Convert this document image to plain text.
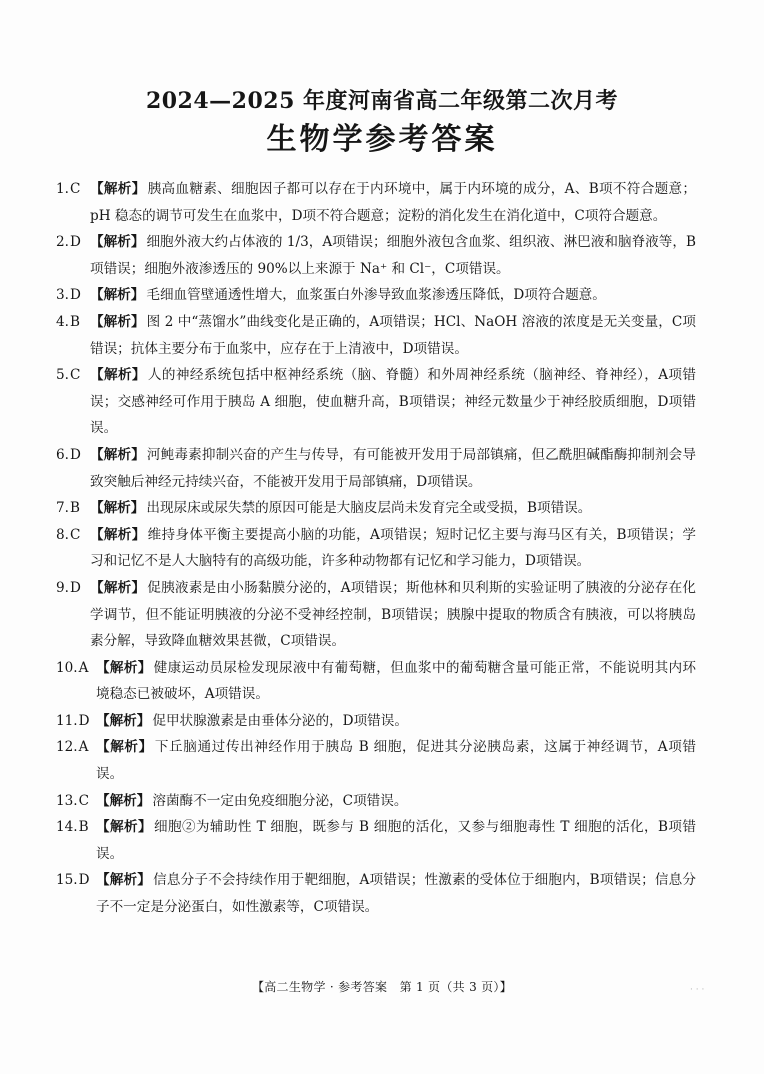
2024—2025 年度河南省高二年级第二次月考
生物学参考答案
1.C 【解析】 胰高血糖素、细胞因子都可以存在于内环境中，属于内环境的成分，A、B项不符合题意；pH 稳态的调节可发生在血浆中，D项不符合题意；淀粉的消化发生在消化道中，C项符合题意。
2.D 【解析】 细胞外液大约占体液的 1/3，A项错误；细胞外液包含血浆、组织液、淋巴液和脑脊液等，B项错误；细胞外液渗透压的 90%以上来源于 Na⁺ 和 Cl⁻，C项错误。
3.D 【解析】 毛细血管壁通透性增大，血浆蛋白外渗导致血浆渗透压降低，D项符合题意。
4.B 【解析】 图 2 中“蒸馏水”曲线变化是正确的，A项错误；HCl、NaOH 溶液的浓度是无关变量，C项错误；抗体主要分布于血浆中，应存在于上清液中，D项错误。
5.C 【解析】 人的神经系统包括中枢神经系统（脑、脊髓）和外周神经系统（脑神经、脊神经），A项错误；交感神经可作用于胰岛 A 细胞，使血糖升高，B项错误；神经元数量少于神经胶质细胞，D项错误。
6.D 【解析】 河鲀毒素抑制兴奋的产生与传导，有可能被开发用于局部镇痛，但乙酰胆碱酯酶抑制剂会导致突触后神经元持续兴奋，不能被开发用于局部镇痛，D项错误。
7.B 【解析】 出现尿床或尿失禁的原因可能是大脑皮层尚未发育完全或受损，B项错误。
8.C 【解析】 维持身体平衡主要提高小脑的功能，A项错误；短时记忆主要与海马区有关，B项错误；学习和记忆不是人大脑特有的高级功能，许多种动物都有记忆和学习能力，D项错误。
9.D 【解析】 促胰液素是由小肠黏膜分泌的，A项错误；斯他林和贝利斯的实验证明了胰液的分泌存在化学调节，但不能证明胰液的分泌不受神经控制，B项错误；胰腺中提取的物质含有胰液，可以将胰岛素分解，导致降血糖效果甚微，C项错误。
10.A 【解析】 健康运动员尿检发现尿液中有葡萄糖，但血浆中的葡萄糖含量可能正常，不能说明其内环境稳态已被破坏，A项错误。
11.D 【解析】 促甲状腺激素是由垂体分泌的，D项错误。
12.A 【解析】 下丘脑通过传出神经作用于胰岛 B 细胞，促进其分泌胰岛素，这属于神经调节，A项错误。
13.C 【解析】 溶菌酶不一定由免疫细胞分泌，C项错误。
14.B 【解析】 细胞②为辅助性 T 细胞，既参与 B 细胞的活化，又参与细胞毒性 T 细胞的活化，B项错误。
15.D 【解析】 信息分子不会持续作用于靶细胞，A项错误；性激素的受体位于细胞内，B项错误；信息分子不一定是分泌蛋白，如性激素等，C项错误。
【高二生物学 · 参考答案　第 1 页（共 3 页）】	· · ·
